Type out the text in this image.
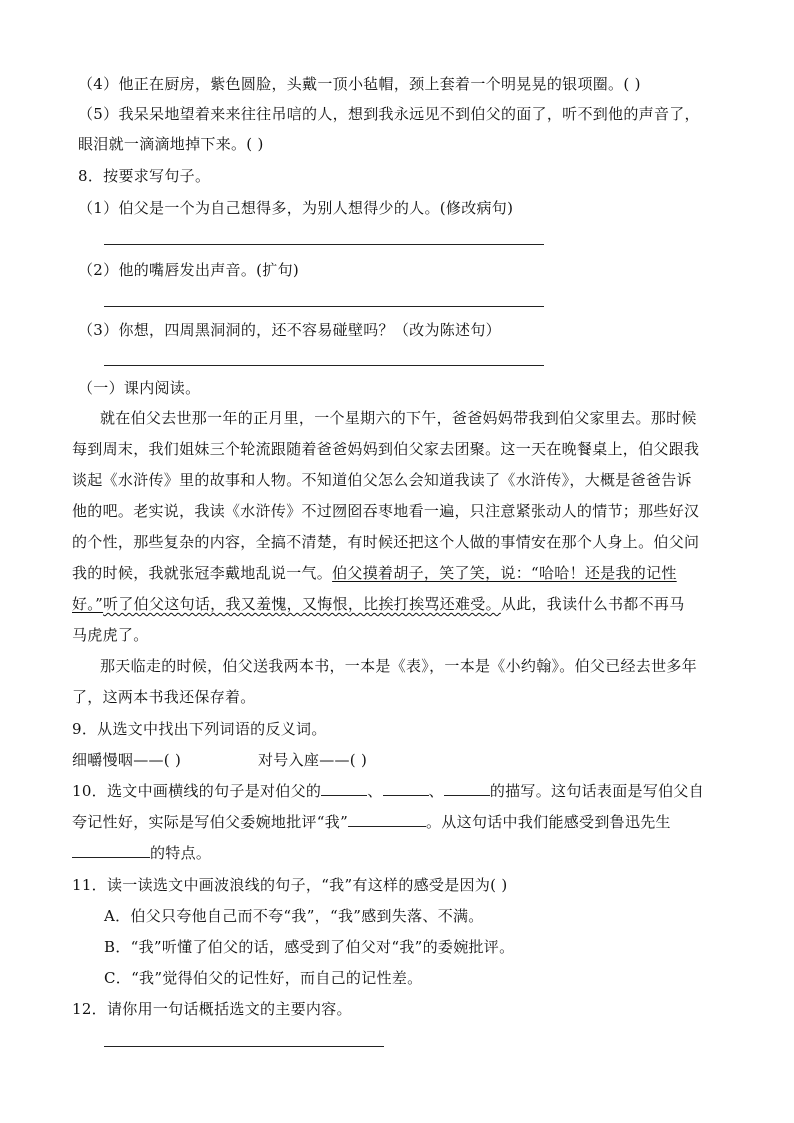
（4）他正在厨房，紫色圆脸，头戴一顶小毡帽，颈上套着一个明晃晃的银项圈。( )
（5）我呆呆地望着来来往往吊唁的人，想到我永远见不到伯父的面了，听不到他的声音了，
眼泪就一滴滴地掉下来。( )
8．按要求写句子。
（1）伯父是一个为自己想得多，为别人想得少的人。(修改病句)
（2）他的嘴唇发出声音。(扩句)
（3）你想，四周黑洞洞的，还不容易碰壁吗？（改为陈述句）
（一）课内阅读。
就在伯父去世那一年的正月里，一个星期六的下午，爸爸妈妈带我到伯父家里去。那时候
每到周末，我们姐妹三个轮流跟随着爸爸妈妈到伯父家去团聚。这一天在晚餐桌上，伯父跟我
谈起《水浒传》里的故事和人物。不知道伯父怎么会知道我读了《水浒传》，大概是爸爸告诉
他的吧。老实说，我读《水浒传》不过囫囵吞枣地看一遍，只注意紧张动人的情节；那些好汉
的个性，那些复杂的内容，全搞不清楚，有时候还把这个人做的事情安在那个人身上。伯父问
我的时候，我就张冠李戴地乱说一气。伯父摸着胡子，笑了笑，说：“哈哈！还是我的记性
好。”听了伯父这句话，我又羞愧，又悔恨，比挨打挨骂还难受。从此，我读什么书都不再马
马虎虎了。
那天临走的时候，伯父送我两本书，一本是《表》，一本是《小约翰》。伯父已经去世多年
了，这两本书我还保存着。
9．从选文中找出下列词语的反义词。
细嚼慢咽——( )	对号入座——( )
10．选文中画横线的句子是对伯父的	、	、	的描写。这句话表面是写伯父自
夸记性好，实际是写伯父委婉地批评“我”	。从这句话中我们能感受到鲁迅先生
的特点。
11．读一读选文中画波浪线的句子，“我”有这样的感受是因为( )
A．伯父只夸他自己而不夸“我”，“我”感到失落、不满。
B．“我”听懂了伯父的话，感受到了伯父对“我”的委婉批评。
C．“我”觉得伯父的记性好，而自己的记性差。
12．请你用一句话概括选文的主要内容。
